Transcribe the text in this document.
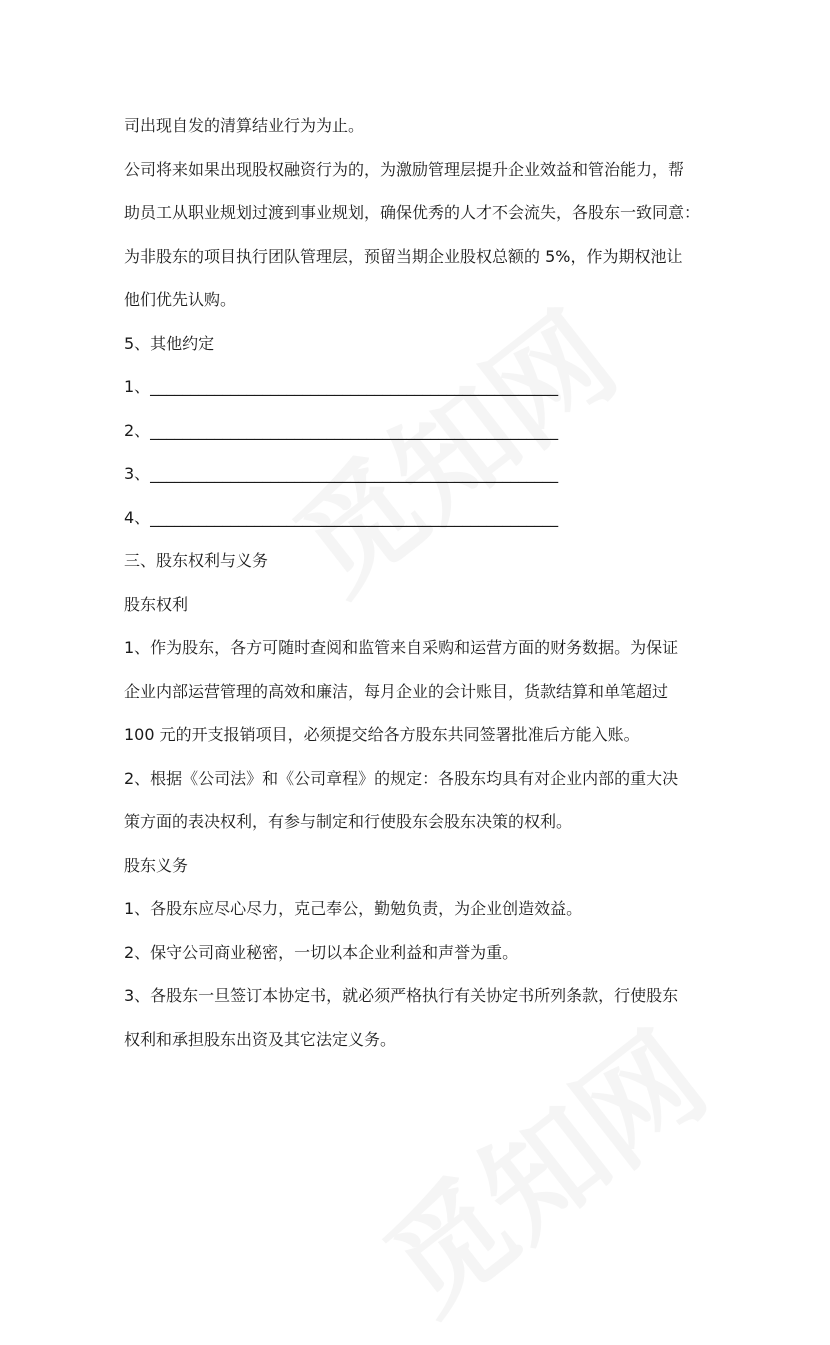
司出现自发的清算结业行为为止。
公司将来如果出现股权融资行为的，为激励管理层提升企业效益和管治能力，帮
助员工从职业规划过渡到事业规划，确保优秀的人才不会流失，各股东一致同意：
为非股东的项目执行团队管理层，预留当期企业股权总额的 5%，作为期权池让
他们优先认购。
5、其他约定
1、___________________________________________________
2、___________________________________________________
3、___________________________________________________
4、___________________________________________________
三、股东权利与义务
股东权利
1、作为股东，各方可随时查阅和监管来自采购和运营方面的财务数据。为保证
企业内部运营管理的高效和廉洁，每月企业的会计账目，货款结算和单笔超过
100 元的开支报销项目，必须提交给各方股东共同签署批准后方能入账。
2、根据《公司法》和《公司章程》的规定：各股东均具有对企业内部的重大决
策方面的表决权利，有参与制定和行使股东会股东决策的权利。
股东义务
1、各股东应尽心尽力，克己奉公，勤勉负责，为企业创造效益。
2、保守公司商业秘密，一切以本企业利益和声誉为重。
3、各股东一旦签订本协定书，就必须严格执行有关协定书所列条款，行使股东
权利和承担股东出资及其它法定义务。
